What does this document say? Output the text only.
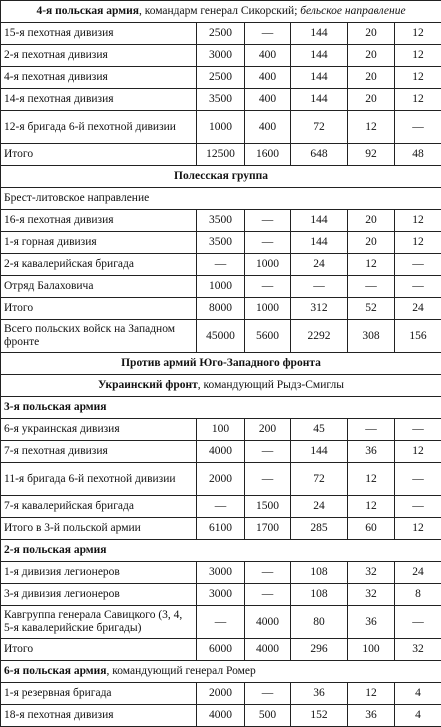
4-я польская армия, командарм генерал Сикорский; бельское направление					
15-я пехотная дивизия	2500	—	144	20	12
2-я пехотная дивизия	3000	400	144	20	12
4-я пехотная дивизия	2500	400	144	20	12
14-я пехотная дивизия	3500	400	144	20	12
12-я бригада 6-й пехотной дивизии	1000	400	72	12	—
Итого	12500	1600	648	92	48
Полесская группа					
Брест-литовское направление					
16-я пехотная дивизия	3500	—	144	20	12
1-я горная дивизия	3500	—	144	20	12
2-я кавалерийская бригада	—	1000	24	12	—
Отряд Балаховича	1000	—	—	—	—
Итого	8000	1000	312	52	24
Всего польских войск на Западном фронте	45000	5600	2292	308	156
Против армий Юго-Западного фронта					
Украинский фронт, командующий Рыдз-Смиглы					
3-я польская армия					
6-я украинская дивизия	100	200	45	—	—
7-я пехотная дивизия	4000	—	144	36	12
11-я бригада 6-й пехотной дивизии	2000	—	72	12	—
7-я кавалерийская бригада	—	1500	24	12	—
Итого в 3-й польской армии	6100	1700	285	60	12
2-я польская армия					
1-я дивизия легионеров	3000	—	108	32	24
3-я дивизия легионеров	3000	—	108	32	8
Кавгруппа генерала Савицкого (3, 4, 5-я кавалерийские бригады)	—	4000	80	36	—
Итого	6000	4000	296	100	32
6-я польская армия, командующий генерал Ромер					
1-я резервная бригада	2000	—	36	12	4
18-я пехотная дивизия	4000	500	152	36	4
